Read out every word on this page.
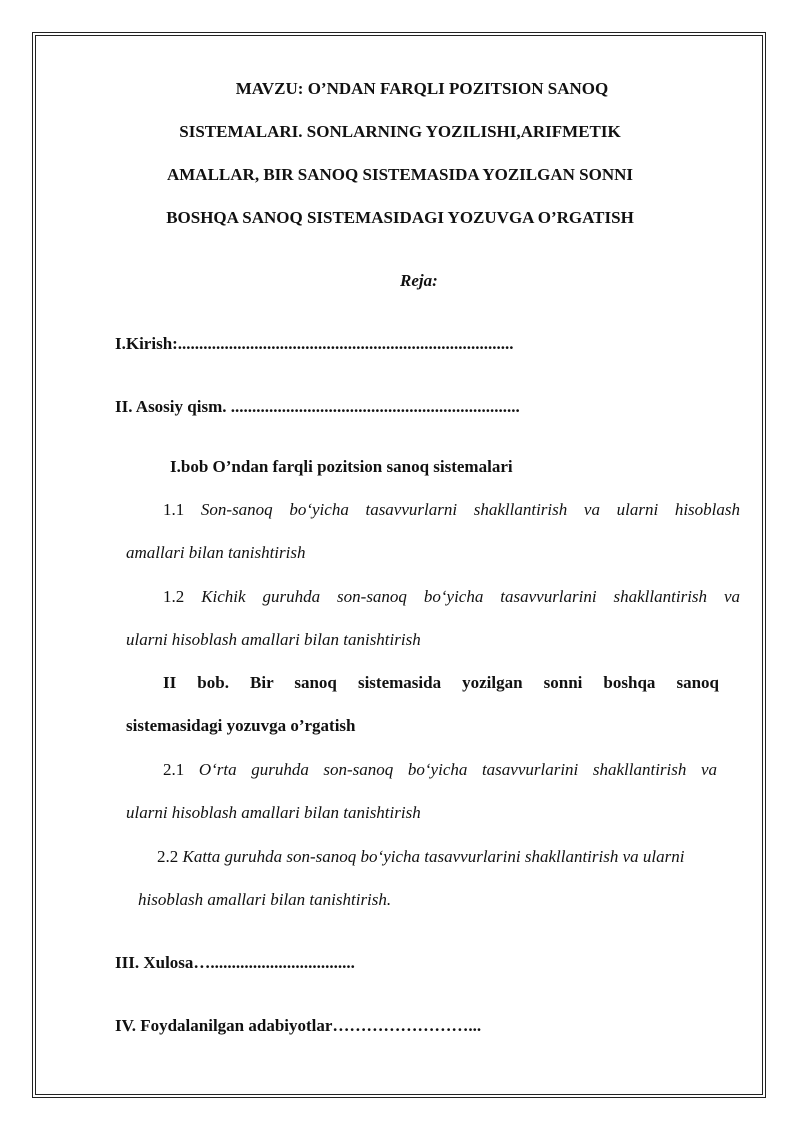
MAVZU: O’NDAN FARQLI POZITSION SANOQ
SISTEMALARI. SONLARNING YOZILISHI,ARIFMETIK
AMALLAR, BIR SANOQ SISTEMASIDA YOZILGAN SONNI
BOSHQA SANOQ SISTEMASIDAGI YOZUVGA O’RGATISH
Reja:
I.Kirish:...............................................................................
II. Asosiy qism. ....................................................................
I.bob O’ndan farqli pozitsion sanoq sistemalari
1.1 Son-sanoq bo‘yicha tasavvurlarni shakllantirish va ularni hisoblash
amallari bilan tanishtirish
1.2 Kichik guruhda son-sanoq bo‘yicha tasavvurlarini shakllantirish va
ularni hisoblash amallari bilan tanishtirish
II bob. Bir sanoq sistemasida yozilgan sonni boshqa sanoq
sistemasidagi yozuvga o’rgatish
2.1 O‘rta guruhda son-sanoq bo‘yicha tasavvurlarini shakllantirish va
ularni hisoblash amallari bilan tanishtirish
2.2 Katta guruhda son-sanoq bo‘yicha tasavvurlarini shakllantirish va ularni
hisoblash amallari bilan tanishtirish.
III. Xulosa…..................................
IV. Foydalanilgan adabiyotlar……………………...
